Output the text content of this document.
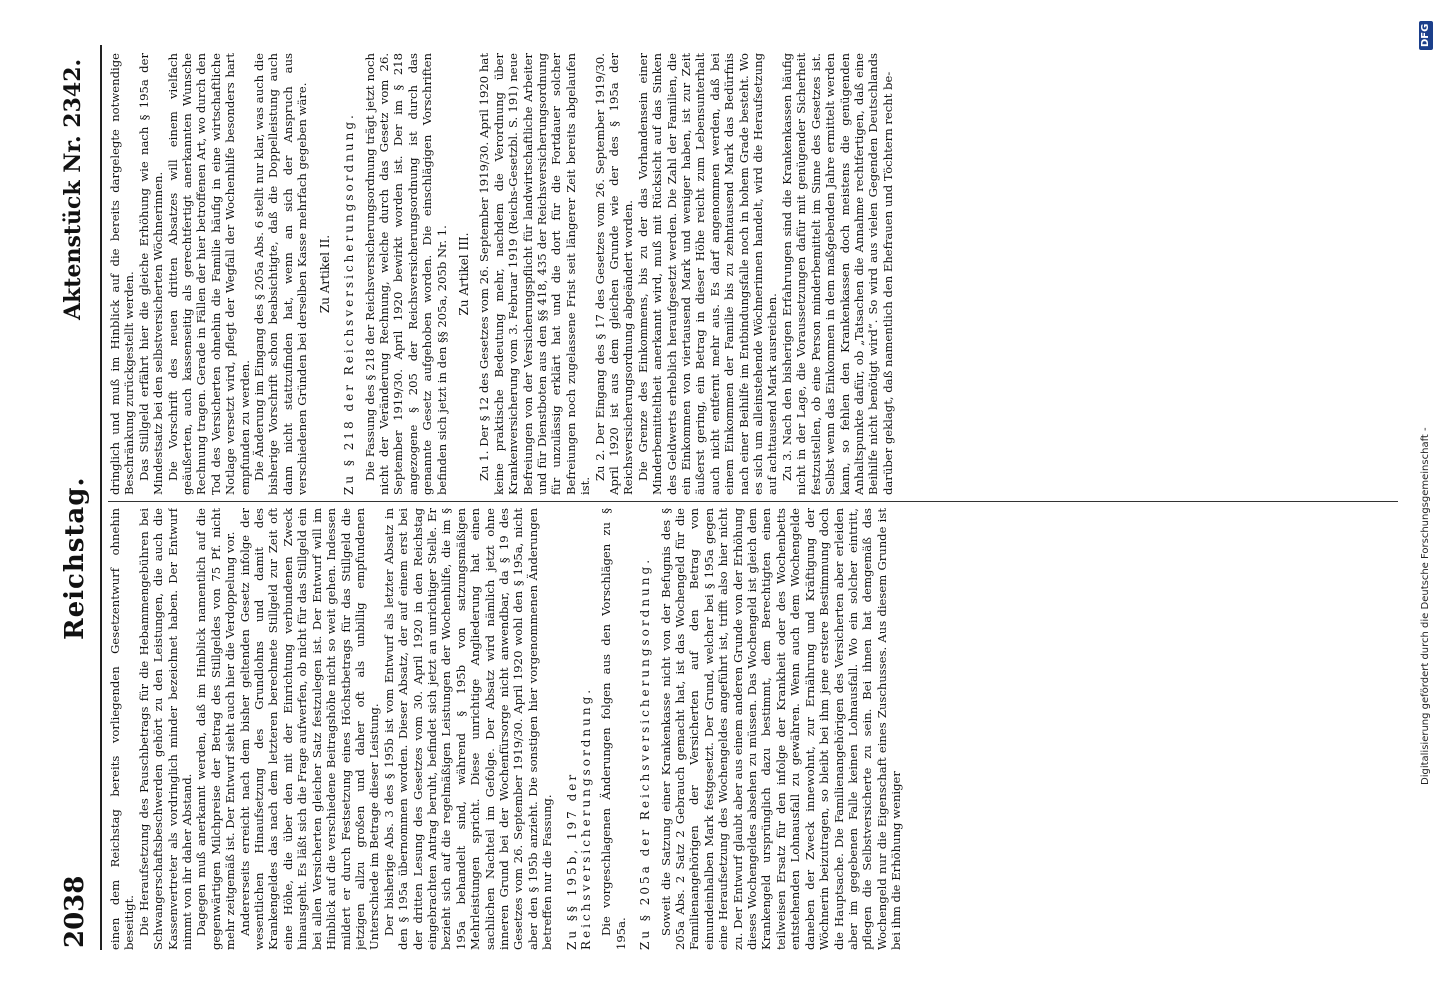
2038
Reichstag.
Aktenstück Nr. 2342.

einen dem Reichstag bereits vorliegenden Gesetzentwurf ohnehin beseitigt. Die Heraufsetzung des Pauschbetrags für die Hebammengebühren bei Schwangerschaftsbeschwerden gehört zu den Leistungen, die auch die Kassenvertreter als vordringlich minder bezeichnet haben. Der Entwurf nimmt von ihr daher Abstand. Dagegen muß anerkannt werden, daß im Hinblick namentlich auf die gegenwärtigen Milchpreise der Betrag des Stillgeldes von 75 Pf. nicht mehr zeitgemäß ist. Der Entwurf sieht auch hier die Verdoppelung vor. Andererseits erreicht nach dem bisher geltenden Gesetz infolge der wesentlichen Hinaufsetzung des Grundlohns und damit des Krankengeldes das nach dem letzteren berechnete Stillgeld zur Zeit oft eine Höhe, die über den mit der Einrichtung verbundenen Zweck hinausgeht. Es läßt sich die Frage aufwerfen, ob nicht für das Stillgeld ein bei allen Versicherten gleicher Satz festzulegen ist. Der Entwurf will im Hinblick auf die verschiedene Beitragshöhe nicht so weit gehen. Indessen mildert er durch Festsetzung eines Höchstbetrags für das Stillgeld die jetzigen allzu großen und daher oft als unbillig empfundenen Unterschiede im Betrage dieser Leistung. Der bisherige Abs. 3 des § 195b ist vom Entwurf als letzter Absatz in den § 195a übernommen worden. Dieser Absatz, der auf einem erst bei der dritten Lesung des Gesetzes vom 30. April 1920 in den Reichstag eingebrachten Antrag beruht, befindet sich jetzt an unrichtiger Stelle. Er bezieht sich auf die regelmäßigen Leistungen der Wochenhilfe, die im § 195a behandelt sind, während § 195b von satzungsmäßigen Mehrleistungen spricht. Diese unrichtige Angliederung hat einen sachlichen Nachteil im Gefolge. Der Absatz wird nämlich jetzt ohne inneren Grund bei der Wochenfürsorge nicht anwendbar, da § 19 des Gesetzes vom 26. September 1919/30. April 1920 wohl den § 195a, nicht aber den § 195b anzieht. Die sonstigen hier vorgenommenen Änderungen betreffen nur die Fassung. Zu §§ 195b, 197 der Reichsversicherungsordnung. Die vorgeschlagenen Änderungen folgen aus den Vorschlägen zu § 195a. Zu § 205a der Reichsversicherungsordnung. Soweit die Satzung einer Krankenkasse nicht von der Befugnis des § 205a Abs. 2 Satz 2 Gebrauch gemacht hat, ist das Wochengeld für die Familienangehörigen der Versicherten auf den Betrag von einundeinhalben Mark festgesetzt. Der Grund, welcher bei § 195a gegen eine Heraufsetzung des Wochengeldes angeführt ist, trifft also hier nicht zu. Der Entwurf glaubt aber aus einem anderen Grunde von der Erhöhung dieses Wochengeldes absehen zu müssen. Das Wochengeld ist gleich dem Krankengeld ursprünglich dazu bestimmt, dem Berechtigten einen teilweisen Ersatz für den infolge der Krankheit oder des Wochenbetts entstehenden Lohnausfall zu gewähren. Wenn auch dem Wochengelde daneben der Zweck innewohnt, zur Ernährung und Kräftigung der Wöchnerin beizutragen, so bleibt bei ihm jene erstere Bestimmung doch die Hauptsache. Die Familienangehörigen des Versicherten aber erleiden aber im gegebenen Falle keinen Lohnausfall. Wo ein solcher eintritt, pflegen die Selbstversicherte zu sein. Bei ihnen hat demgemäß das Wochengeld nur die Eigenschaft eines Zuschusses. Aus diesem Grunde ist bei ihm die Erhöhung weniger

dringlich und muß im Hinblick auf die bereits dargelegte notwendige Beschränkung zurückgestellt werden. Das Stillgeld erfährt hier die gleiche Erhöhung wie nach § 195a der Mindestsatz bei den selbstversicherten Wöchnerinnen. Die Vorschrift des neuen dritten Absatzes will einem vielfach geäußerten, auch kassenseitig als gerechtfertigt anerkannten Wunsche Rechnung tragen. Gerade in Fällen der hier betroffenen Art, wo durch den Tod des Versicherten ohnehin die Familie häufig in eine wirtschaftliche Notlage versetzt wird, pflegt der Wegfall der Wochenhilfe besonders hart empfunden zu werden. Die Änderung im Eingang des § 205a Abs. 6 stellt nur klar, was auch die bisherige Vorschrift schon beabsichtigte, daß die Doppelleistung auch dann nicht stattzufinden hat, wenn an sich der Anspruch aus verschiedenen Gründen bei derselben Kasse mehrfach gegeben wäre. Zu Artikel II. Zu § 218 der Reichsversicherungsordnung. Die Fassung des § 218 der Reichsversicherungsordnung trägt jetzt noch nicht der Veränderung Rechnung, welche durch das Gesetz vom 26. September 1919/30. April 1920 bewirkt worden ist. Der im § 218 angezogene § 205 der Reichsversicherungsordnung ist durch das genannte Gesetz aufgehoben worden. Die einschlägigen Vorschriften befinden sich jetzt in den §§ 205a, 205b Nr. 1. Zu Artikel III. Zu 1. Der § 12 des Gesetzes vom 26. September 1919/30. April 1920 hat keine praktische Bedeutung mehr, nachdem die Verordnung über Krankenversicherung vom 3. Februar 1919 (Reichs-Gesetzbl. S. 191) neue Befreiungen von der Versicherungspflicht für landwirtschaftliche Arbeiter und für Dienstboten aus den §§ 418, 435 der Reichsversicherungsordnung für unzulässig erklärt hat und die dort für die Fortdauer solcher Befreiungen noch zugelassene Frist seit längerer Zeit bereits abgelaufen ist.

Zu 2. Der Eingang des § 17 des Gesetzes vom 26. September 1919/30. April 1920 ist aus dem gleichen Grunde wie der des § 195a der Reichsversicherungsordnung abgeändert worden. Die Grenze des Einkommens, bis zu der das Vorhandensein einer Minderbemitteltheit anerkannt wird, muß mit Rücksicht auf das Sinken des Geldwerts erheblich heraufgesetzt werden. Die Zahl der Familien, die ein Einkommen von viertausend Mark und weniger haben, ist zur Zeit äußerst gering, ein Betrag in dieser Höhe reicht zum Lebensunterhalt auch nicht entfernt mehr aus. Es darf angenommen werden, daß bei einem Einkommen der Familie bis zu zehntausend Mark das Bedürfnis nach einer Beihilfe im Entbindungsfalle noch in hohem Grade besteht. Wo es sich um alleinstehende Wöchnerinnen handelt, wird die Heraufsetzung auf achttausend Mark ausreichen. Zu 3. Nach den bisherigen Erfahrungen sind die Krankenkassen häufig nicht in der Lage, die Voraussetzungen dafür mit genügender Sicherheit festzustellen, ob eine Person minderbemittelt im Sinne des Gesetzes ist. Selbst wenn das Einkommen in dem maßgebenden Jahre ermittelt werden kann, so fehlen den Krankenkassen doch meistens die genügenden Anhaltspunkte dafür, ob „Tatsachen die Annahme rechtfertigen, daß eine Beihilfe nicht benötigt wird“. So wird aus vielen Gegenden Deutschlands darüber geklagt, daß namentlich den Ehefrauen und Töchtern recht be-

Digitalisierung gefördert durch die Deutsche Forschungsgemeinschaft -
DFG
